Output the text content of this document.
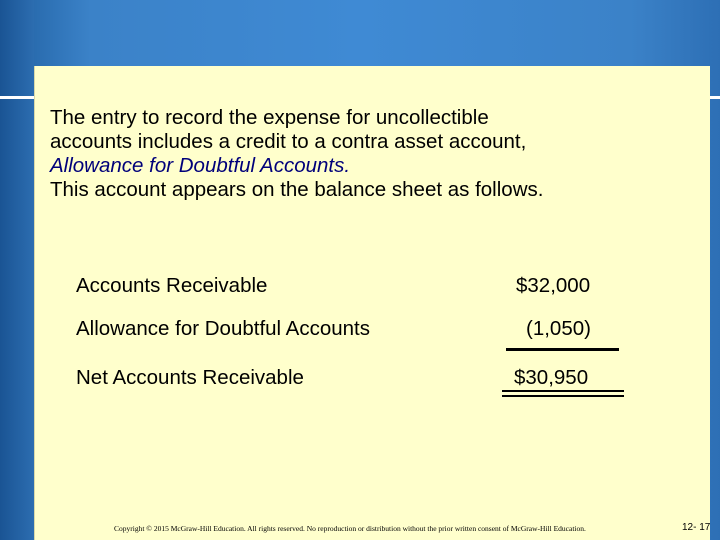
The entry to record the expense for uncollectible
accounts includes a credit to a contra asset account,
Allowance for Doubtful Accounts.
This account appears on the balance sheet as follows.

Accounts Receivable	$32,000
Allowance for Doubtful Accounts	(1,050)
Net Accounts Receivable	$30,950
Copyright © 2015 McGraw-Hill Education. All rights reserved. No reproduction or distribution without the prior written consent of McGraw-Hill Education.	12- 17
